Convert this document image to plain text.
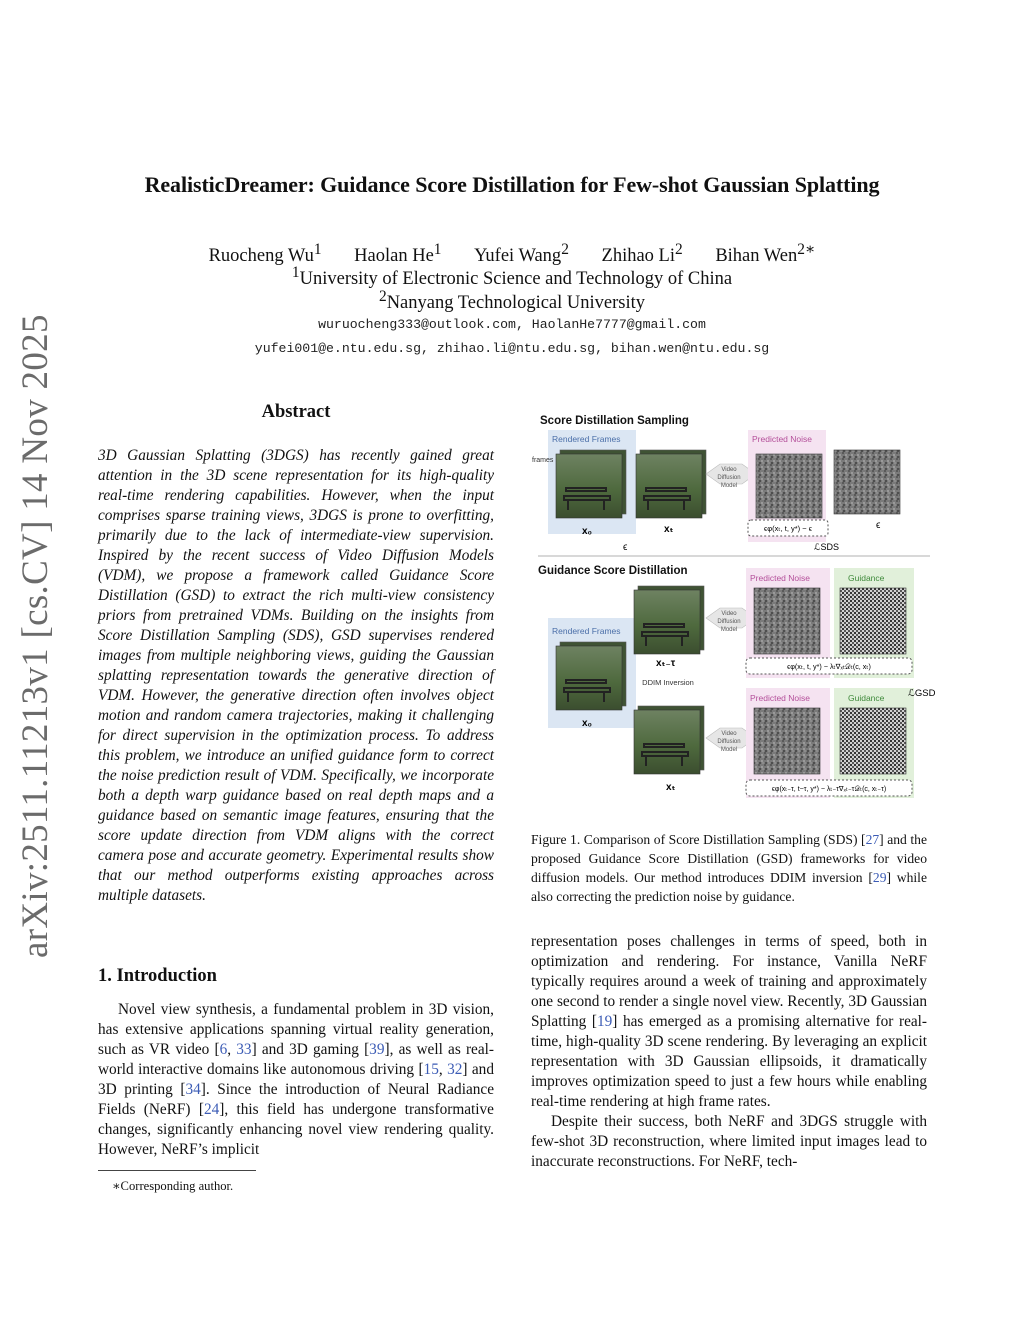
RealisticDreamer: Guidance Score Distillation for Few-shot Gaussian Splatting
Ruocheng Wu$^1$ Haolan He$^1$ Yufei Wang$^2$ Zhihao Li$^2$ Bihan Wen$^{2∗}$
$^1$University of Electronic Science and Technology of China
$^2$Nanyang Technological University
wuruocheng333@outlook.com, HaolanHe7777@gmail.com
yufei001@e.ntu.edu.sg, zhihao.li@ntu.edu.sg, bihan.wen@ntu.edu.sg
arXiv:2511.11213v1 [cs.CV] 14 Nov 2025	Abstract
3D Gaussian Splatting (3DGS) has recently gained great attention in the 3D scene representation for its high-quality real-time rendering capabilities. However, when the input comprises sparse training views, 3DGS is prone to overfitting, primarily due to the lack of intermediate-view supervision. Inspired by the recent success of Video Diffusion Models (VDM), we propose a framework called Guidance Score Distillation (GSD) to extract the rich multi-view consistency priors from pretrained VDMs. Building on the insights from Score Distillation Sampling (SDS), GSD supervises rendered images from multiple neighboring views, guiding the Gaussian splatting representation towards the generative direction of VDM. However, the generative direction often involves object motion and random camera trajectories, making it challenging for direct supervision in the optimization process. To address this problem, we introduce an unified guidance form to correct the noise prediction result of VDM. Specifically, we incorporate both a depth warp guidance based on real depth maps and a guidance based on semantic image features, ensuring that the score update direction from VDM aligns with the correct camera pose and accurate geometry. Experimental results show that our method outperforms existing approaches across multiple datasets.
1. Introduction
Novel view synthesis, a fundamental problem in 3D vision, has extensive applications spanning virtual reality generation, such as VR video [6, 33] and 3D gaming [39], as well as real-world interactive domains like autonomous driving [15, 32] and 3D printing [34]. Since the introduction of Neural Radiance Fields (NeRF) [24], this field has undergone transformative changes, significantly enhancing novel view rendering quality. However, NeRF’s implicit
∗Corresponding author.
Score Distillation Sampling
Rendered Frames
frames
x₀	xₜ
ϵ
Video
Diffusion
Model
Predicted Noise
ϵφ(xₜ, t, y*) − ϵ	ϵ
ℒSDS
Guidance Score Distillation
Rendered Frames
x₀
xₜ₋τ
DDIM Inversion
xₜ
Video
Diffusion
Model
Video
Diffusion
Model
Predicted Noise	Guidance
ϵφ(xₜ, t, y*) − λₜ∇ₓₜ𝒟ₜ(c, xₜ)
Predicted Noise	Guidance
ϵφ(xₜ₋τ, t−τ, y*) − λₜ₋τ∇ₓₜ₋τ𝒟ₜ(c, xₜ₋τ)
ℒGSD
Figure 1. Comparison of Score Distillation Sampling (SDS) [27] and the proposed Guidance Score Distillation (GSD) frameworks for video diffusion models. Our method introduces DDIM inversion [29] while also correcting the prediction noise by guidance.

representation poses challenges in terms of speed, both in optimization and rendering. For instance, Vanilla NeRF typically requires around a week of training and approximately one second to render a single novel view. Recently, 3D Gaussian Splatting [19] has emerged as a promising alternative for real-time, high-quality 3D scene rendering. By leveraging an explicit representation with 3D Gaussian ellipsoids, it dramatically improves optimization speed to just a few hours while enabling real-time rendering at high frame rates.

Despite their success, both NeRF and 3DGS struggle with few-shot 3D reconstruction, where limited input images lead to inaccurate reconstructions. For NeRF, tech-
